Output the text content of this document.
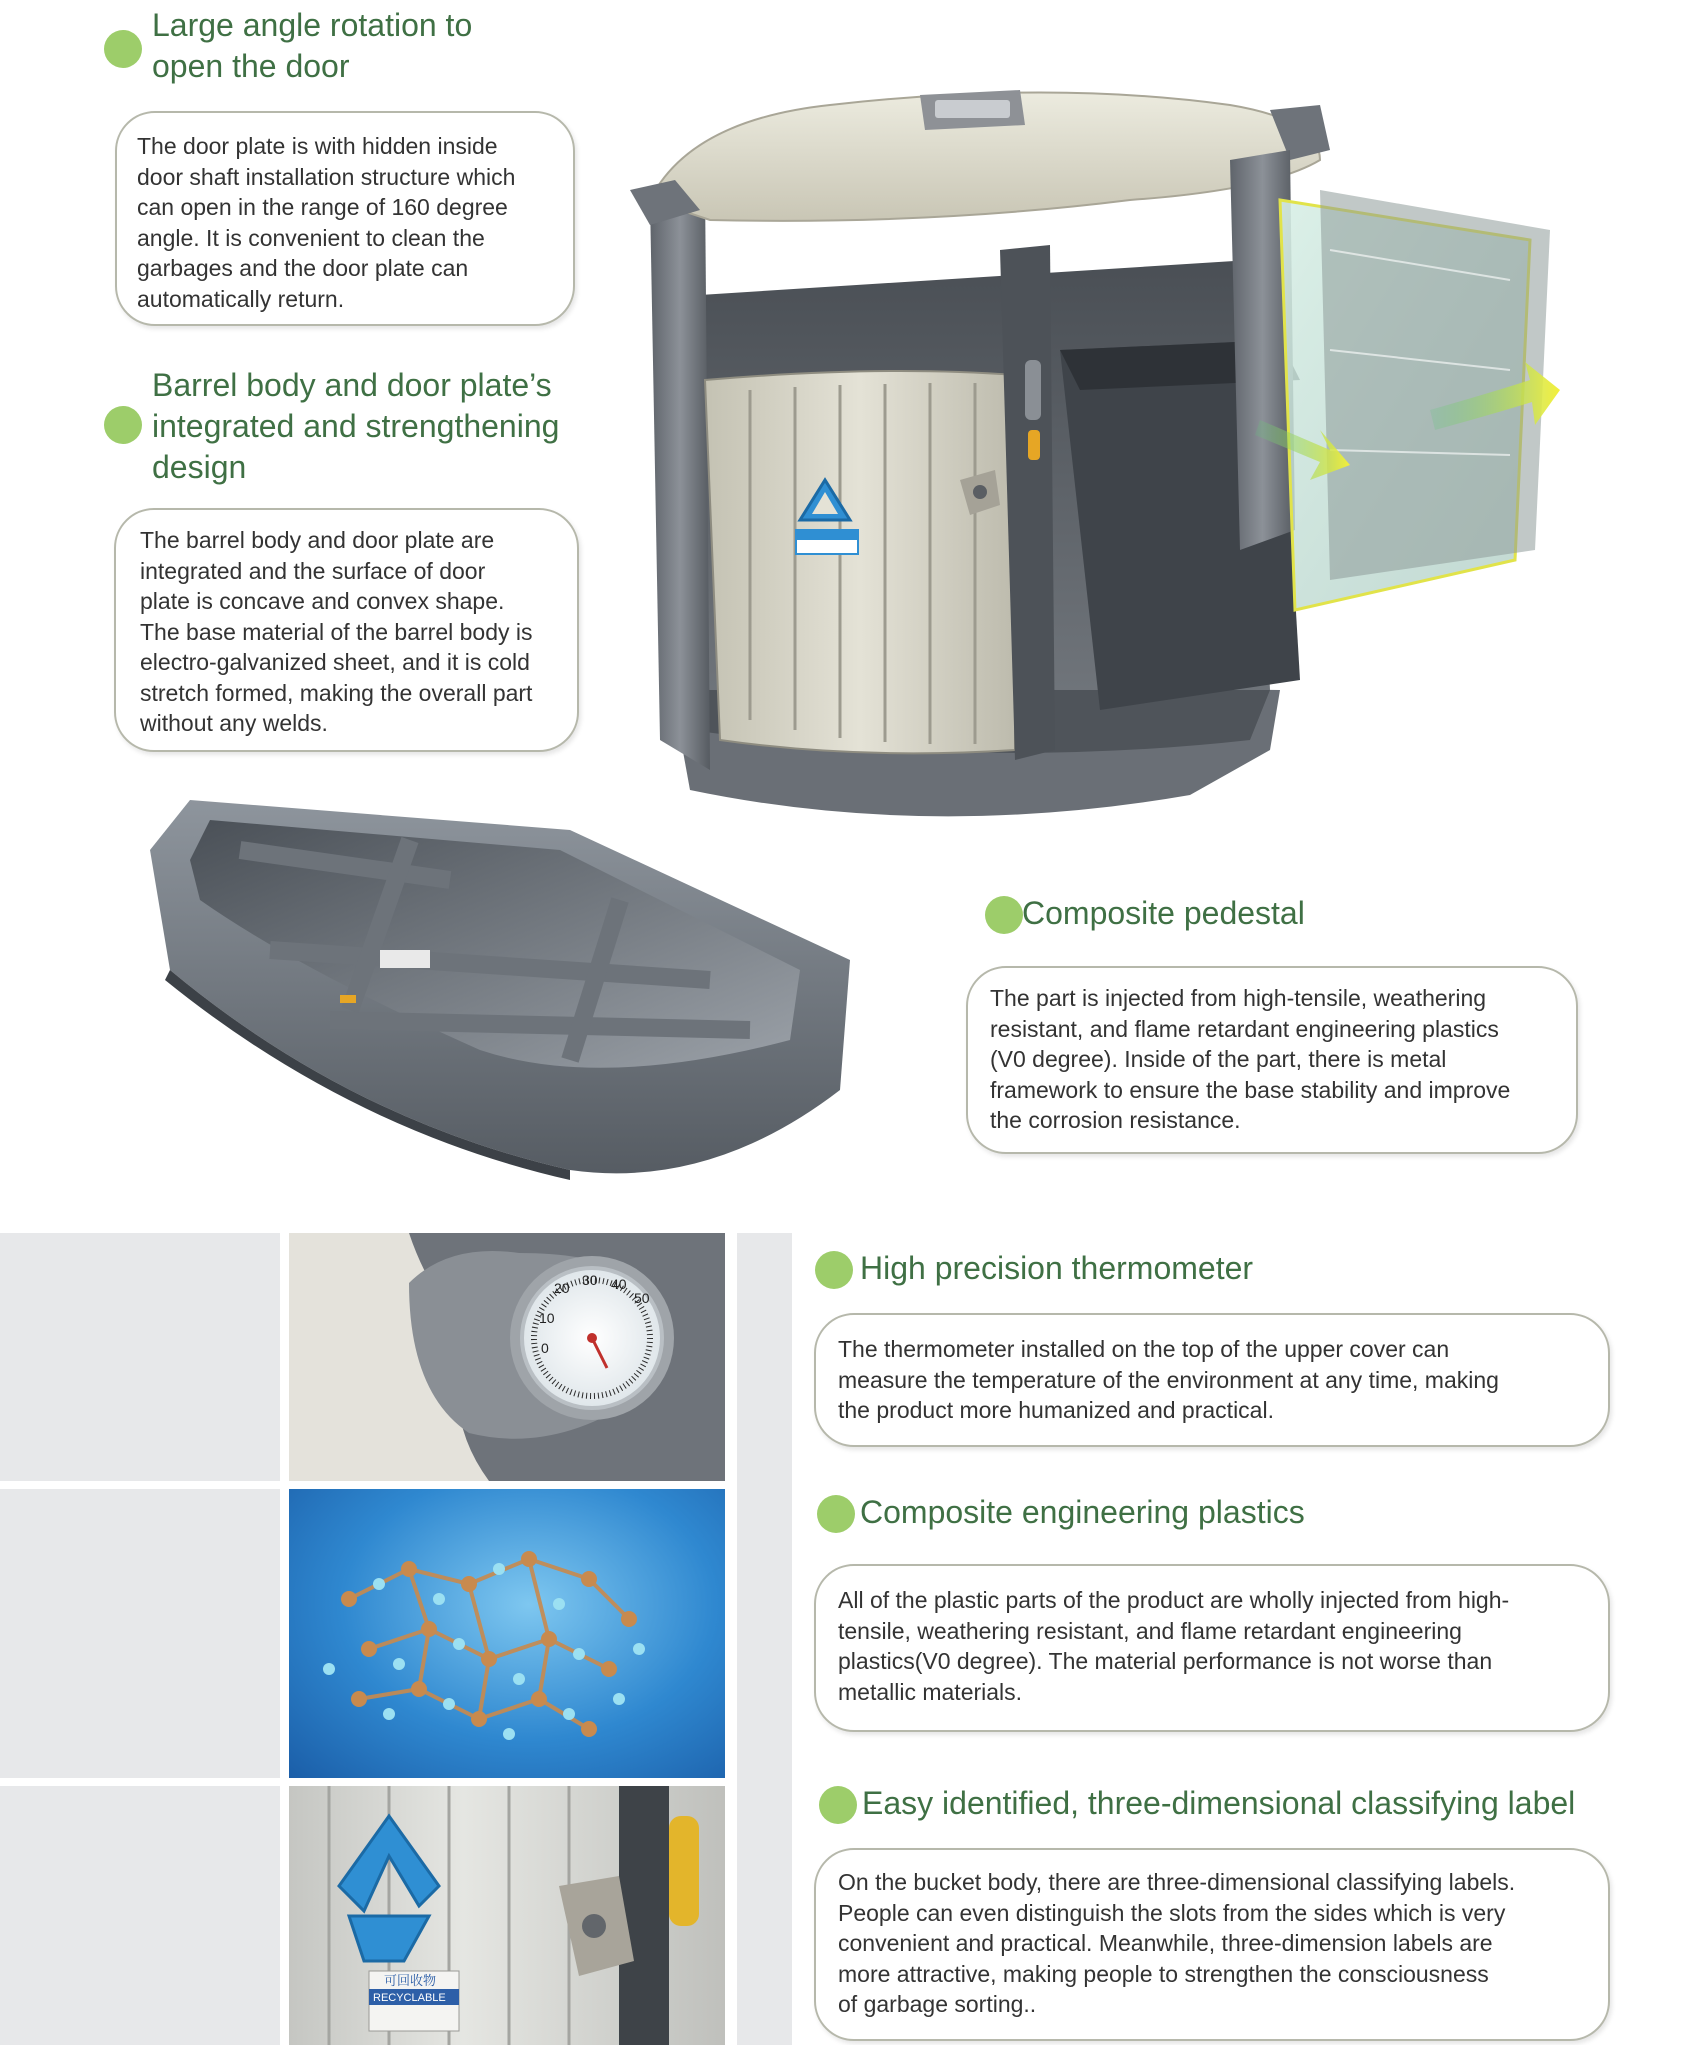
Large angle rotation to
open the door

The door plate is with hidden inside

door shaft installation structure which

can open in the range of 160 degree

angle. It is convenient to clean the

garbages and the door plate can

automatically return.

Barrel body and door plate’s
integrated and strengthening
design

The barrel body and door plate are

integrated and the surface of door

plate is concave and convex shape.

The base material of the barrel body is

electro-galvanized sheet, and it is cold

stretch formed, making the overall part

without any welds.

Composite pedestal

The part is injected from high-tensile, weathering

resistant, and flame retardant engineering plastics

(V0 degree). Inside of the part, there is metal

framework to ensure the base stability and improve

the corrosion resistance.

High precision thermometer

The thermometer installed on the top of the upper cover can

measure the temperature of the environment at any time, making

the product more humanized and practical.

Composite engineering plastics

All of the plastic parts of the product are wholly injected from high-

tensile, weathering resistant, and flame retardant engineering

plastics(V0 degree). The material performance is not worse than

metallic materials.

Easy identified, three-dimensional classifying label

On the bucket body, there are three-dimensional classifying labels.

People can even distinguish the slots from the sides which is very

convenient and practical. Meanwhile, three-dimension labels are

more attractive, making people to strengthen the consciousness

of garbage sorting..

20 30 40
50
10
0
可回收物
RECYCLABLE
